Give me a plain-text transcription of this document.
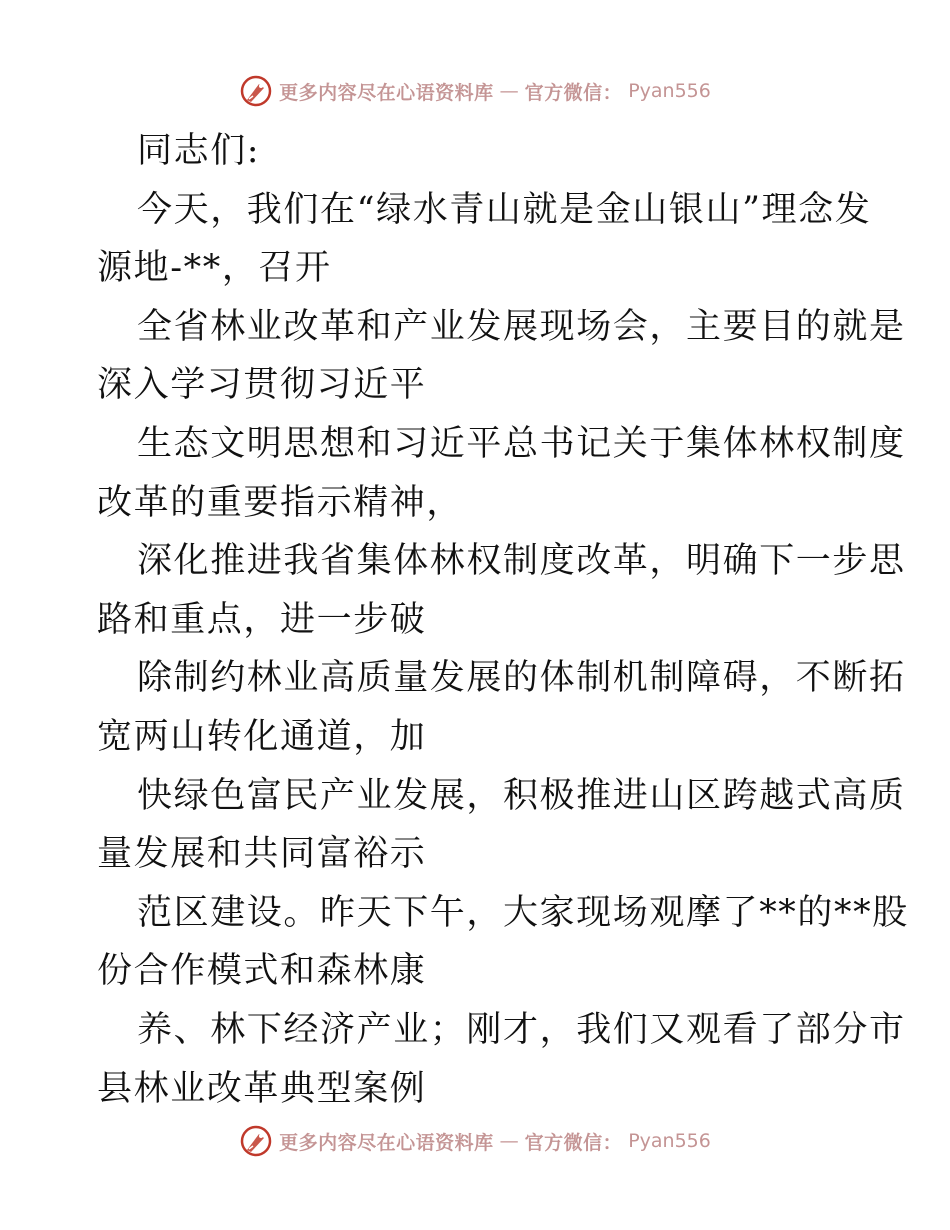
更多内容尽在心语资料库 — 官方微信： Pyan556
同志们:
今天，我们在“绿水青山就是金山银山”理念发
源地-**，召开
全省林业改革和产业发展现场会，主要目的就是
深入学习贯彻习近平
生态文明思想和习近平总书记关于集体林权制度
改革的重要指示精神，
深化推进我省集体林权制度改革，明确下一步思
路和重点，进一步破
除制约林业高质量发展的体制机制障碍，不断拓
宽两山转化通道，加
快绿色富民产业发展，积极推进山区跨越式高质
量发展和共同富裕示
范区建设。昨天下午，大家现场观摩了**的**股
份合作模式和森林康
养、林下经济产业；刚才，我们又观看了部分市
县林业改革典型案例
更多内容尽在心语资料库 — 官方微信： Pyan556
